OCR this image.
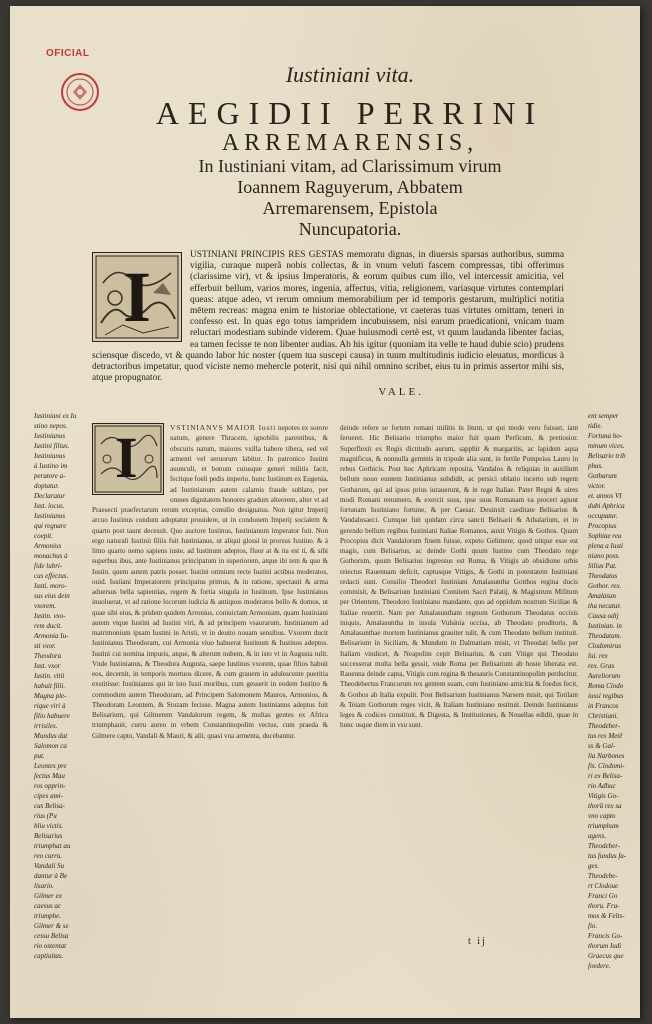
OFICIAL
Iustiniani vita.
AEGIDII PERRINI
ARREMARENSIS,
In Iustiniani vitam, ad Clarissimum virum
Ioannem Raguyerum, Abbatem
Arremarensem, Epistola
Nuncupatoria.
I

USTINIANI PRINCIPIS RES GESTAS memoratu dignas, in diuersis sparsas authoribus, summa vigilia, curaque nuperâ nobis collectas, & in vnum veluti fascem compressas, tibi offerimus (clarissime vir), vt & ipsius Imperatoris, & eorum quibus cum illo, vel intercessit amicitia, vel efferbuit bellum, varios mores, ingenia, affectus, vitia, religionem, variasque virtutes contemplari queas: atque adeo, vt rerum omnium memorabilium per id temporis gestarum, multiplici notitia mētem recreas: magna enim te historiae oblectatione, vt caeteras tuas virtutes omittam, teneri in confesso est. In quas ego totus iampridem incubuissem, nisi earum praedicationi, vnicam tuam reluctari modestiam subinde viderem. Quae huiusmodi certè est, vt quum laudanda libenter facias, ea tamen fecisse te non libenter audias. Ab his igitur (quoniam ita velle te haud dubie scio) prudens sciensque discedo, vt & quando labor hic noster (quem tua suscepi causa) in tuum multitudinis iudicio eleuatus, mordicus à detractoribus impetatur, quod viciste nemo mehercle poterit, nisi qui nihil omnino scribet, eius tu in primis assertor mihi sis, atque propugnator.

VALE.
Iustiniani ex Iu
stino nepos.
Iustinianus
Iustini filius.
Iustinianus
à Iustino im
peratore a-
doptatur.
Declaratur
Iust. locus.
Iustinianus
qui regnare
coepit.
Armonius
monachus à
fide lubri-
cus effectus.
Iusti. moro-
sus eius dein
vxorem.
Iustin. vxo-
rem ducit.
Armonia Iu-
sti vxor.
Theodora
Iust. vxor
Iustin. vitii
habuit filii.
Magna ple-
rique viri à
filio habuere
irrisiles.
Mundus dat
Salomon ca
put.
Leontes pre
fectus Mau
ros opprin-
cipes ami-
cus Belisa-
rius (Pu
bliu victis.
Belisarius
triumphat au
reo curru.
Vandali Su
dantur à Be
lisario.
Gilmer ex
caesus ac
triumphe.
Gilmer & se
cessu Belisa
rio ostentat
captiuitas.
I	VSTINIANVS MAIOR Iusti nepotes ex sorore natum, genere Thracem, ignobilis parentibus, & obscuris natum, maiores vxilla habere tibera, sed vel armenti vel seruorum labitur. In patronico Iustini auunculi, et bonum cuiusque generi militis facit, fecitque foeli pedis imperio. hunc Iustinum ex Eugenia, ad Iustinianum autem calamis fraude sublato, per omnes dignitatem honores gradum alteorem, alter vt ad Praesecti praefectarum rerum exceptus, consilio designatus. Non igitur Imperij arcuo Iustinus condum adoptatur prouidere, ut in condonem Imperij socialem & quarto post taunt decessit. Quo auctore Iustinus, Iustinianum imperator fuit. Non ergo naturali Iustinii filiis fuit Iustinianus, ut aliqui glossi in prorsus Iustino. & à limo quarto nemo sapiens iuste, ad Iustinum adeptos, fluor at & ita est ti, & sibi superbus ibus, ante Iustinianus principatum in superiorem, atque ibi tem & quo & Iustin. quem autem patris posset. Iustini omnium recte Iustini actibus moderatos, ouid. Iustiani Imperatorem principatus primus, & in ratione, spectauit & arma aduersus bella sapientias, regem & fortia singula in Iustinum. Ipse Iustinianus inuoluerat, vt ad ratione locorum iudicia & antiquos moderatos bello & domos, ut quae sibi eius, & pridem quidem Arronius, coniuictam Armoniam, quam Iustiniani autem vtque Iustini ad Iustini viri, & ad principem vsaurarum, Iustinianum ad matrimonium ipsam Iustini in Aristi, vt in deuito nouam sensibus. Vxorem ducit Iustinianus Theodoram, cui Armonia viuo habuerat Iustinum & Iustinos adeptos. Iustini cui nomina impuris, atque, & alterum nubem, & in isto vt in Augusta tulit. Vnde Iustinianus, & Theodora Augusta, saepe Iustinus vxorem, quae filios habuit eos, decernit, in temporis mortuos dicere, & cum grauem in adulescente pueritia exstitisse: Iustinianus qui in isto Iusti moribus, cum gesserit in eodem Iustino & commodum autem Theodoram, ad Principem Salomonem Mauros, Armonios, & Theodoram Leontem, & Stozam fecisse. Magna autem Iustinianus adeptus fuit Belisarium, qui Gilmerem Vandalorum regem, & multas gentes ex Africa triumphauit, curru aureo in vrbem Constantinopolim vectus, cum praeda & Gilmere capto, Vandali & Mauri, & alii, quasi vna armenta, ducebantur.

deinde refere se fortem romani militis in litum, ut qui modo vero fuisset, iam ferueret. Hic Belisario triumpho maior fuit quam Perficum, & pretiosior. Superflexit ex Regis dictitudo aurum, sapphir & margaritis, ac lapidem aqua magnificus, & nonnulla gemmis in tripode alia sunt, in fertile Pompeius Lauro in rebus Gothicis. Post hoc Aphricam reposita, Vandalos & reliquias in auxilium bellum nouo euntem Iustinianus subdidit, ac persici oblatio incerto sub regem Gotharum, qui ad ipsos prius iurauerunt, & in rege Italiae. Pater Regni & uires modi Romani renumero, & exercit suus, ipse suus Romanam ea proceri agiunt fortunam Iustiniano fortune, & per Caesar. Deuinxit caeditate Belisarius & Vandalosaeci. Cumque fuit quidam circa sancti Belisarii & Athalarium, et in gerendo bellum regibus Iustiniani Italiae Romanos, auxit Vitigis & Gothos. Quam Procopius dicit Vandalorum finem fuisse, expeto Gelimere, quod utique esse est magis, cum Belisarius, ac deinde Gothi quum Iustino cum Theodato rege Gothorum, quum Belisarius ingressus est Roma, & Vitigis ab obsidione urbis reiectus Rauennam deficit, captusque Vitigis, & Gothi in potestatem Iustiniani redacti sunt. Consilio Theodori Iustiniani Amalasuntha Gotthos regina ducis commisit, & Belisarium Iustiniani Comitem Sacri Palatij, & Magistrum Militum per Orientem, Theodoro Iustiniano mandante, quo ad oppidum nostrum Siciliae & Italiae reuertit. Nam per Amalasuntham regnum Gothorum Theodatus occisis iniquis, Amalasuntha in insula Vulsinia occisa, ab Theodato proditoris, & Amalasunthae mortem Iustinianus grauiter tulit, & cum Theodato bellum instituit. Belisarium in Siciliam, & Mundum in Dalmatiam misit, vt Theodati bello per Italiam vindicet, & Neapolim cepit Belisarius, & cum Vitige qui Theodato successerat multa bella gessit, vnde Roma per Belisarium ab hoste liberata est. Rauenna deinde capta, Vitigis cum regina & thesauris Constantinopolim perducitur. Theodebertus Francorum rex gentem suam, cum Iustiniano amicitia & foedus fecit, & Gothos ab Italia expulit. Post Belisarium Iustinianus Narsem misit, qui Totilam & Teiam Gothorum reges vicit, & Italiam Iustiniano restituit. Deinde Iustinianus leges & codices constituit, & Digesta, & Institutiones, & Nouellas edidit, quae in hunc usque diem in vsu sunt.

ent semper
tidie.
Fortuna ho-
minum vices.
Belisario trib
phus.
Gotharum
victor.
et. annos VI
dubi Aphrica
occupatur.
Procopius
Sophiae rea
plena a Iusti
niano poss.
Silius Pat.
Theodatus
Gothor. rex.
Amalasun
tha necatur.
Causa odij
Iustinian. in
Theodatum.
Clodomirus
lui. rex
rex. Gras
Aureliorum
Roma Clodo
iussi regibus
in Francos
Christiani.
Theodeber-
tus rex Metē
ss & Gal-
lia Narbones
fis. Clodomi-
ri ex Belisa-
rio Adhuc
Vitigis Go-
thorū rex sa
vno capto
triumphum
agens.
Theodeber-
tus fundus fa-
ges.
Theodebe-
rt Clodoue
Franci Go
thoru. Fra-
mos & Felts-
fio.
Francis Go-
thorum Iudi
Graecus que
foedere.
t ij
